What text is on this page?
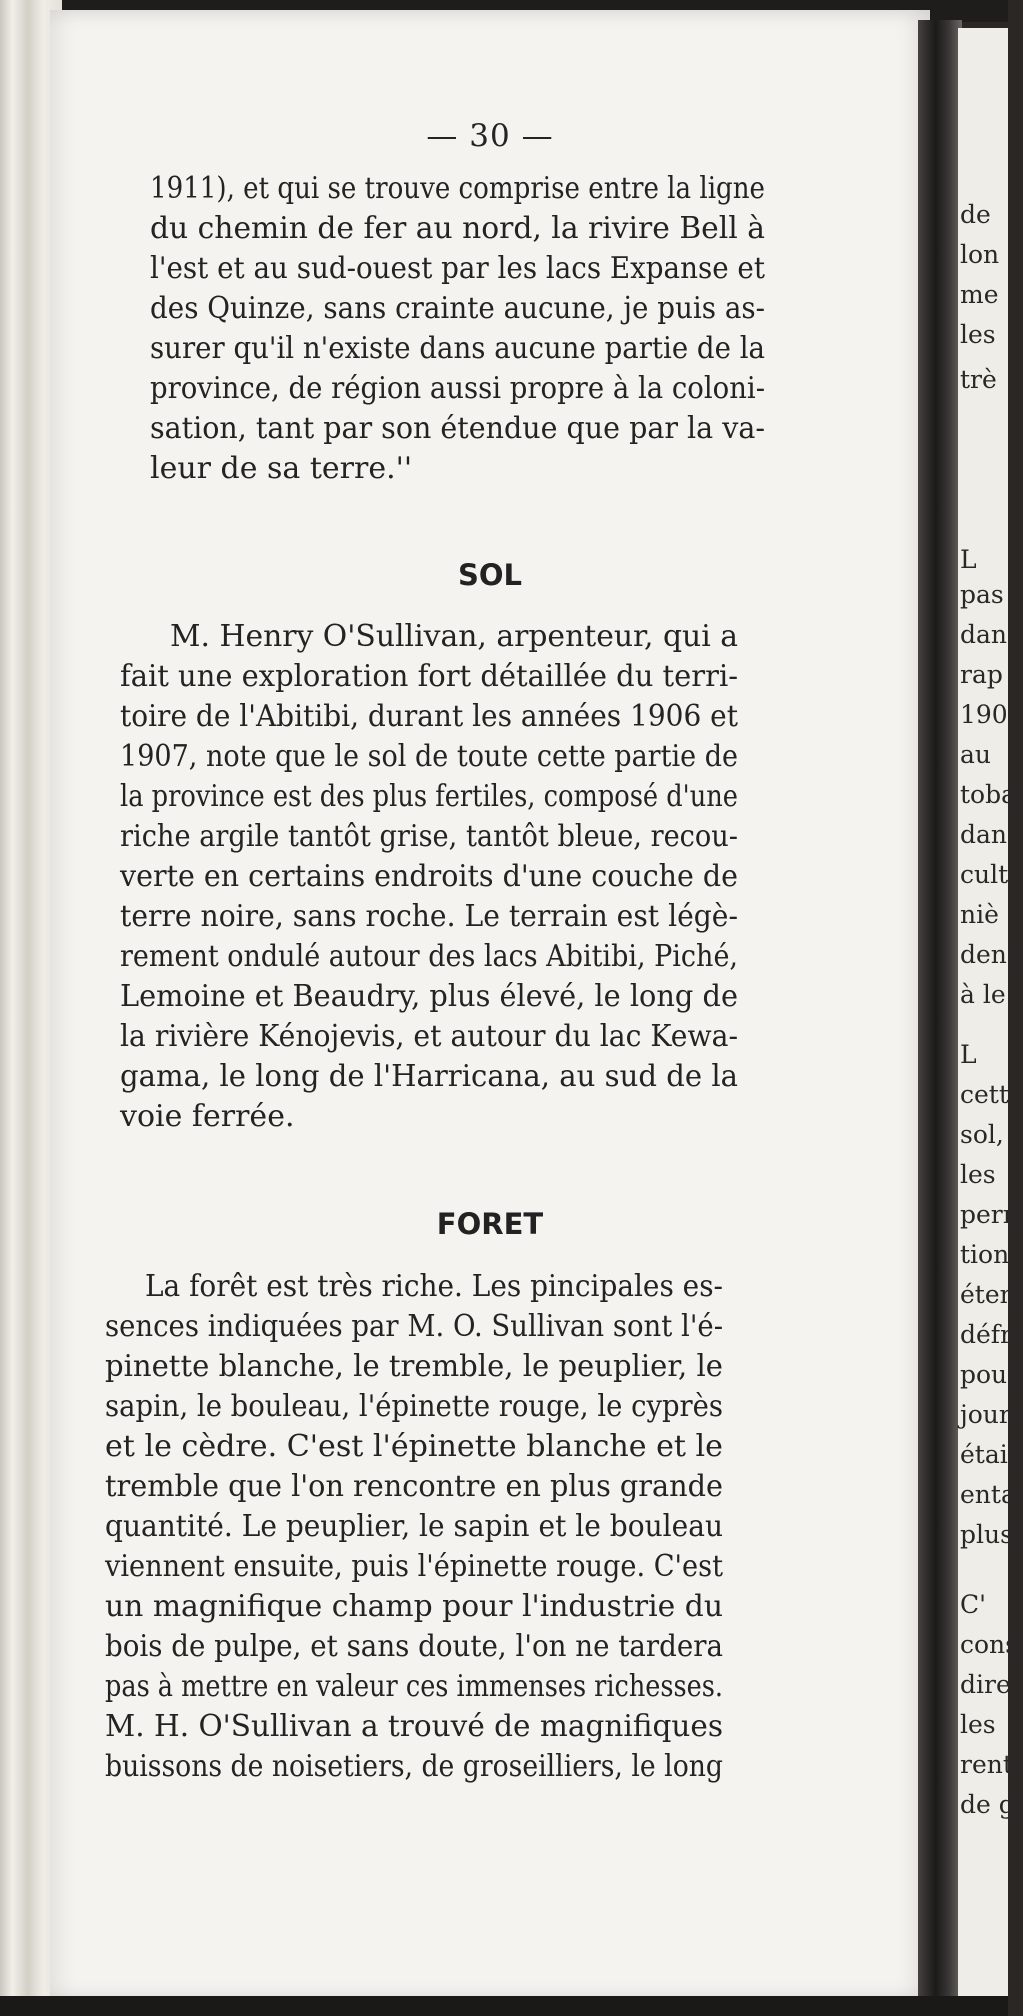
— 30 —
1911), et qui se trouve comprise entre la ligne
du chemin de fer au nord, la rivire Bell à
l'est et au sud-ouest par les lacs Expanse et
des Quinze, sans crainte aucune, je puis as-
surer qu'il n'existe dans aucune partie de la
province, de région aussi propre à la coloni-
sation, tant par son étendue que par la va-
leur de sa terre.''
SOL
M. Henry O'Sullivan, arpenteur, qui a
fait une exploration fort détaillée du terri-
toire de l'Abitibi, durant les années 1906 et
1907, note que le sol de toute cette partie de
la province est des plus fertiles, composé d'une
riche argile tantôt grise, tantôt bleue, recou-
verte en certains endroits d'une couche de
terre noire, sans roche. Le terrain est légè-
rement ondulé autour des lacs Abitibi, Piché,
Lemoine et Beaudry, plus élevé, le long de
la rivière Kénojevis, et autour du lac Kewa-
gama, le long de l'Harricana, au sud de la
voie ferrée.
FORET
La forêt est très riche. Les pincipales es-
sences indiquées par M. O. Sullivan sont l'é-
pinette blanche, le tremble, le peuplier, le
sapin, le bouleau, l'épinette rouge, le cyprès
et le cèdre. C'est l'épinette blanche et le
tremble que l'on rencontre en plus grande
quantité. Le peuplier, le sapin et le bouleau
viennent ensuite, puis l'épinette rouge. C'est
un magnifique champ pour l'industrie du
bois de pulpe, et sans doute, l'on ne tardera
pas à mettre en valeur ces immenses richesses.
M. H. O'Sullivan a trouvé de magnifiques
buissons de noisetiers, de groseilliers, le long
de
lon
me
les
trè
L
pas
dan
rap
190
au
toba
dan
cult
niè
denc
à le
L
cett
sol,
les
pern
tion
éten
défr
pour
jour
étaie
enta
plus
C'
cons
dire
les
rent.
de g
